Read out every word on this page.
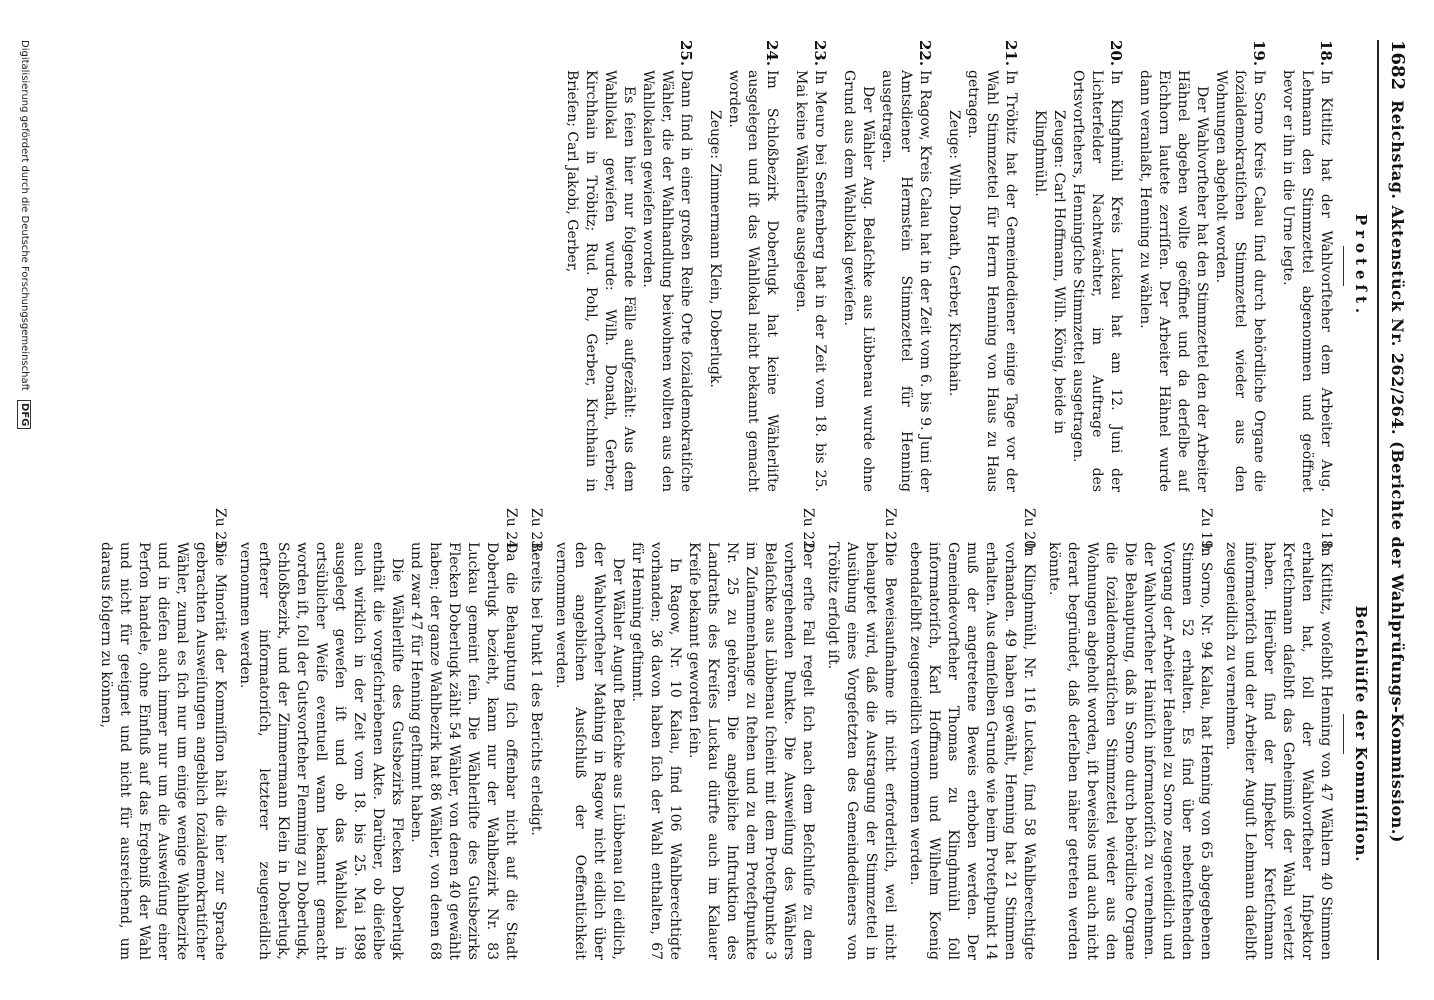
1682
Reichstag. Aktenstück Nr. 262/264. (Berichte der Wahlprüfungs-Kommission.)
Proteſt.
18.

In Kittlitz hat der Wahlvorſteher dem Arbeiter Aug. Lehmann den Stimmzettel abgenommen und geöffnet bevor er ihn in die Urne legte.

19.

In Sorno Kreis Calau ſind durch behördliche Organe die ſozialdemokratiſchen Stimmzettel wieder aus den Wohnungen abgeholt worden.

Der Wahlvorſteher hat den Stimmzettel den der Arbeiter Hähnel abgeben wollte geöffnet und da derſelbe auf Eichhorn lautete zerriſſen. Der Arbeiter Hähnel wurde dann veranlaßt, Henning zu wählen.

20.

In Klinghmühl Kreis Luckau hat am 12. Juni der Lichterfelder Nachtwächter, im Auftrage des Ortsvorſtehers, Henningſche Stimmzettel ausgetragen.

Zeugen: Carl Hoffmann, Wilh. König, beide in Klinghmühl.

21.

In Tröbitz hat der Gemeindediener einige Tage vor der Wahl Stimmzettel für Herrn Henning von Haus zu Haus getragen.

Zeuge: Wilh. Donath, Gerber, Kirchhain.

22.

In Ragow, Kreis Calau hat in der Zeit vom 6. bis 9. Juni der Amtsdiener Hermstein Stimmzettel für Henning ausgetragen.

Der Wähler Aug. Belaſchke aus Lübbenau wurde ohne Grund aus dem Wahllokal gewieſen.

23.

In Meuro bei Senftenberg hat in der Zeit vom 18. bis 25. Mai keine Wählerliſte ausgelegen.

24.

Im Schloßbezirk Doberlugk hat keine Wählerliſte ausgelegen und iſt das Wahllokal nicht bekannt gemacht worden.

Zeuge: Zimmermann Klein, Doberlugk.

25.

Dann ſind in einer großen Reihe Orte ſozialdemokratiſche Wähler, die der Wahlhandlung beiwohnen wollten aus den Wahllokalen gewieſen worden.

Es ſeien hier nur folgende Fälle aufgezählt: Aus dem Wahllokal gewieſen wurde: Wilh. Donath, Gerber, Kirchhain in Tröbitz; Rud. Pohl, Gerber, Kirchhain in Brieſen; Carl Jakobi, Gerber,

Beſchlüſſe der Kommiſſion.
Zu 18.

In Kittlitz, woſelbſt Henning von 47 Wählern 40 Stimmen erhalten hat, ſoll der Wahlvorſteher Inſpektor Kretſchmann daſelbſt das Geheimniß der Wahl verletzt haben. Hierüber ſind der Inſpektor Kretſchmann informatoriſch und der Arbeiter Auguſt Lehmann daſelbſt zeugeneidlich zu vernehmen.

Zu 19.

In Sorno, Nr. 94 Kalau, hat Henning von 65 abgegebenen Stimmen 52 erhalten. Es ſind über nebenſtehenden Vorgang der Arbeiter Haehnel zu Sorno zeugeneidlich und der Wahlvorſteher Hainiſch informatoriſch zu vernehmen. Die Behauptung, daß in Sorno durch behördliche Organe die ſozialdemokratiſchen Stimmzettel wieder aus den Wohnungen abgeholt worden, iſt beweislos und auch nicht derart begründet, daß derſelben näher getreten werden könnte.

Zu 20.

In Klinghmühl, Nr. 116 Luckau, ſind 58 Wahlberechtigte vorhanden. 49 haben gewählt, Henning hat 21 Stimmen erhalten. Aus demſelben Grunde wie beim Proteſtpunkt 14 muß der angetretene Beweis erhoben werden. Der Gemeindevorſteher Thomas zu Klinghmühl ſoll informatoriſch, Karl Hoffmann und Wilhelm Koenig ebendaſelbſt zeugeneidlich vernommen werden.

Zu 21.

Die Beweisaufnahme iſt nicht erforderlich, weil nicht behauptet wird, daß die Austragung der Stimmzettel in Ausübung eines Vorgeſetzten des Gemeindedieners von Tröbitz erfolgt iſt.

Zu 22.

Der erſte Fall regelt ſich nach dem Beſchluſſe zu dem vorhergehenden Punkte. Die Ausweiſung des Wählers Belaſchke aus Lübbenau ſcheint mit dem Proteſtpunkte 3 im Zuſammenhange zu ſtehen und zu dem Proteſtpunkte Nr. 25 zu gehören. Die angebliche Inſtruktion des Landraths des Kreiſes Luckau dürfte auch im Kalauer Kreiſe bekannt geworden ſein.

In Ragow, Nr. 10 Kalau, ſind 106 Wahlberechtigte vorhanden; 36 davon haben ſich der Wahl enthalten, 67 für Henning geſtimmt.

Der Wähler Auguſt Belaſchke aus Lübbenau ſoll eidlich, der Wahlvorſteher Mathing in Ragow nicht eidlich über den angeblichen Ausſchluß der Oeffentlichkeit vernommen werden.

Zu 23.

Bereits bei Punkt 1 des Berichts erledigt.

Zu 24.

Da die Behauptung ſich offenbar nicht auf die Stadt Doberlugk bezieht, kann nur der Wahlbezirk Nr. 83 Luckau gemeint ſein. Die Wählerliſte des Gutsbezirks Flecken Doberlugk zählt 54 Wähler, von denen 40 gewählt haben; der ganze Wahlbezirk hat 86 Wähler, von denen 68 und zwar 47 für Henning geſtimmt haben.

Die Wählerliſte des Gutsbezirks Flecken Doberlugk enthält die vorgeſchriebenen Akte. Darüber, ob dieſelbe auch wirklich in der Zeit vom 18. bis 25. Mai 1898 ausgelegt geweſen iſt und ob das Wahllokal in ortsüblicher Weiſe eventuell wann bekannt gemacht worden iſt, ſoll der Gutsvorſteher Flemming zu Doberlugk, Schloßbezirk, und der Zimmermann Klein in Doberlugk, erſterer informatoriſch, letzterer zeugeneidlich vernommen werden.

Zu 25.

Die Minorität der Kommiſſion hält die hier zur Sprache gebrachten Ausweiſungen angeblich ſozialdemokratiſcher Wähler, zumal es ſich nur um einige wenige Wahlbezirke und in dieſen auch immer nur um die Ausweiſung einer Perſon handele, ohne Einfluß auf das Ergebniß der Wahl und nicht für geeignet und nicht für ausreichend, um daraus folgern zu können,

Digitalisierung gefördert durch die Deutsche Forschungsgemeinschaft DFG
